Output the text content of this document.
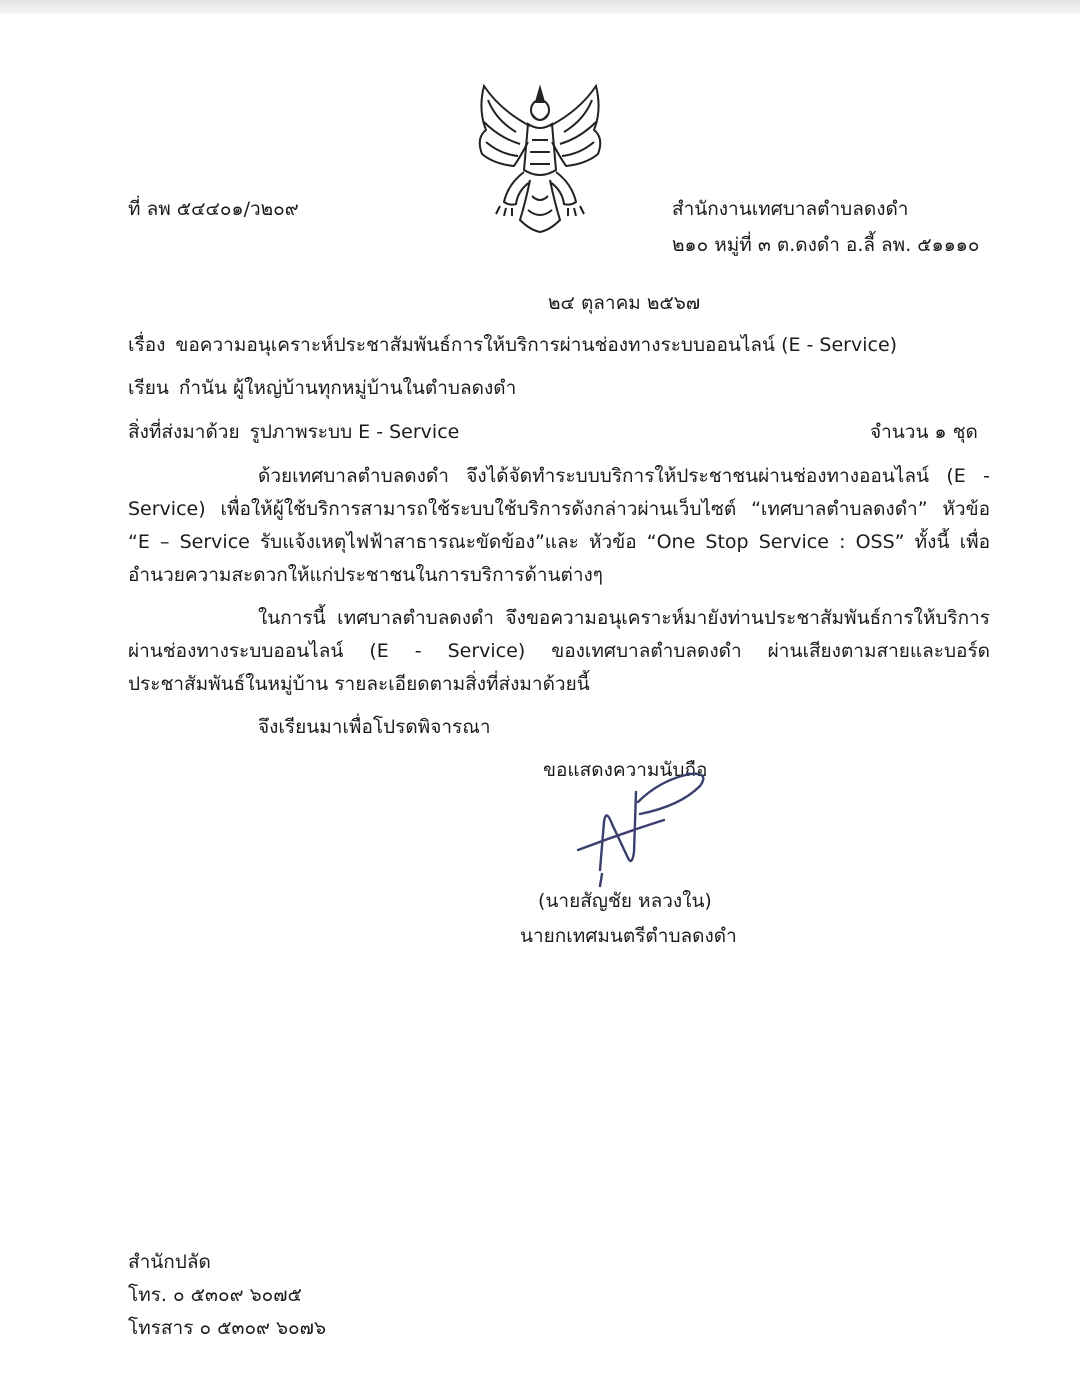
ที่ ลพ ๕๔๔๐๑/ว๒๐๙	สำนักงานเทศบาลตำบลดงดำ
๒๑๐ หมู่ที่ ๓ ต.ดงดำ อ.ลี้ ลพ. ๕๑๑๑๐
๒๔ ตุลาคม ๒๕๖๗
เรื่อง ขอความอนุเคราะห์ประชาสัมพันธ์การให้บริการผ่านช่องทางระบบออนไลน์ (E - Service)
เรียน กำนัน ผู้ใหญ่บ้านทุกหมู่บ้านในตำบลดงดำ
สิ่งที่ส่งมาด้วย รูปภาพระบบ E - Service	จำนวน ๑ ชุด

ด้วยเทศบาลตำบลดงดำ จึงได้จัดทำระบบบริการให้ประชาชนผ่านช่องทางออนไลน์ (E - Service) เพื่อให้ผู้ใช้บริการสามารถใช้ระบบใช้บริการดังกล่าวผ่านเว็บไซต์ “เทศบาลตำบลดงดำ” หัวข้อ “E – Service รับแจ้งเหตุไฟฟ้าสาธารณะขัดข้อง”และ หัวข้อ “One Stop Service : OSS” ทั้งนี้ เพื่ออำนวยความสะดวกให้แก่ประชาชนในการบริการด้านต่างๆ

ในการนี้ เทศบาลตำบลดงดำ จึงขอความอนุเคราะห์มายังท่านประชาสัมพันธ์การให้บริการผ่านช่องทางระบบออนไลน์ (E - Service) ของเทศบาลตำบลดงดำ ผ่านเสียงตามสายและบอร์ดประชาสัมพันธ์ในหมู่บ้าน รายละเอียดตามสิ่งที่ส่งมาด้วยนี้

จึงเรียนมาเพื่อโปรดพิจารณา
ขอแสดงความนับถือ
(นายสัญชัย หลวงใน)
นายกเทศมนตรีตำบลดงดำ
สำนักปลัด
โทร. ๐ ๕๓๐๙ ๖๐๗๕
โทรสาร ๐ ๕๓๐๙ ๖๐๗๖
